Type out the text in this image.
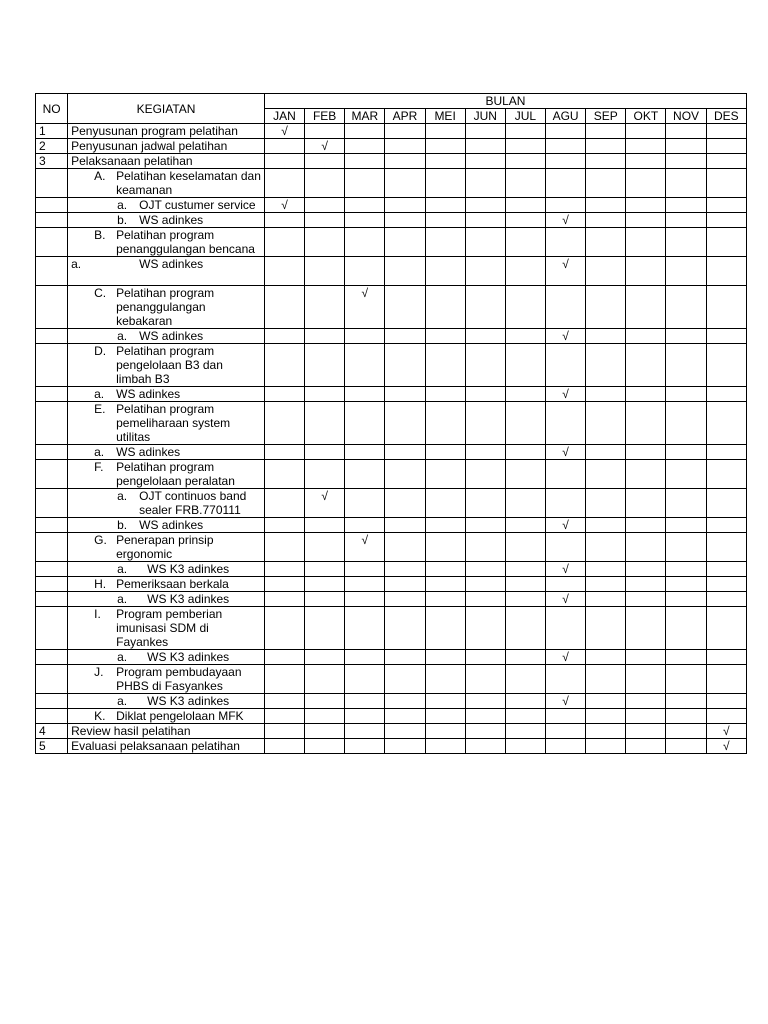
NO	KEGIATAN	BULAN											
		JAN	FEB	MAR	APR	MEI	JUN	JUL	AGU	SEP	OKT	NOV	DES
1	Penyusunan program pelatihan	√											
2	Penyusunan jadwal pelatihan		√										
3	Pelaksanaan pelatihan												

	A. Pelatihan keselamatan dan keamanan												

	a. OJT custumer service	√											

	b. WS adinkes								√				

	B. Pelatihan program penanggulangan bencana												

	a. WS adinkes								√				

	C. Pelatihan program penanggulangan kebakaran			√									

	a. WS adinkes								√				

	D. Pelatihan program pengelolaan B3 dan limbah B3												

	a. WS adinkes								√				

	E. Pelatihan program pemeliharaan system utilitas												

	a. WS adinkes								√				

	F. Pelatihan program pengelolaan peralatan												

	a. OJT continuos band sealer FRB.770111		√										

	b. WS adinkes								√				

	G. Penerapan prinsip ergonomic			√									

	a. WS K3 adinkes								√				

	H. Pemeriksaan berkala												

	a. WS K3 adinkes								√				

	I. Program pemberian imunisasi SDM di Fayankes												

	a. WS K3 adinkes								√				

	J. Program pembudayaan PHBS di Fasyankes												

	a. WS K3 adinkes								√				

	K. Diklat pengelolaan MFK												

4	Review hasil pelatihan												√
5	Evaluasi pelaksanaan pelatihan												√
